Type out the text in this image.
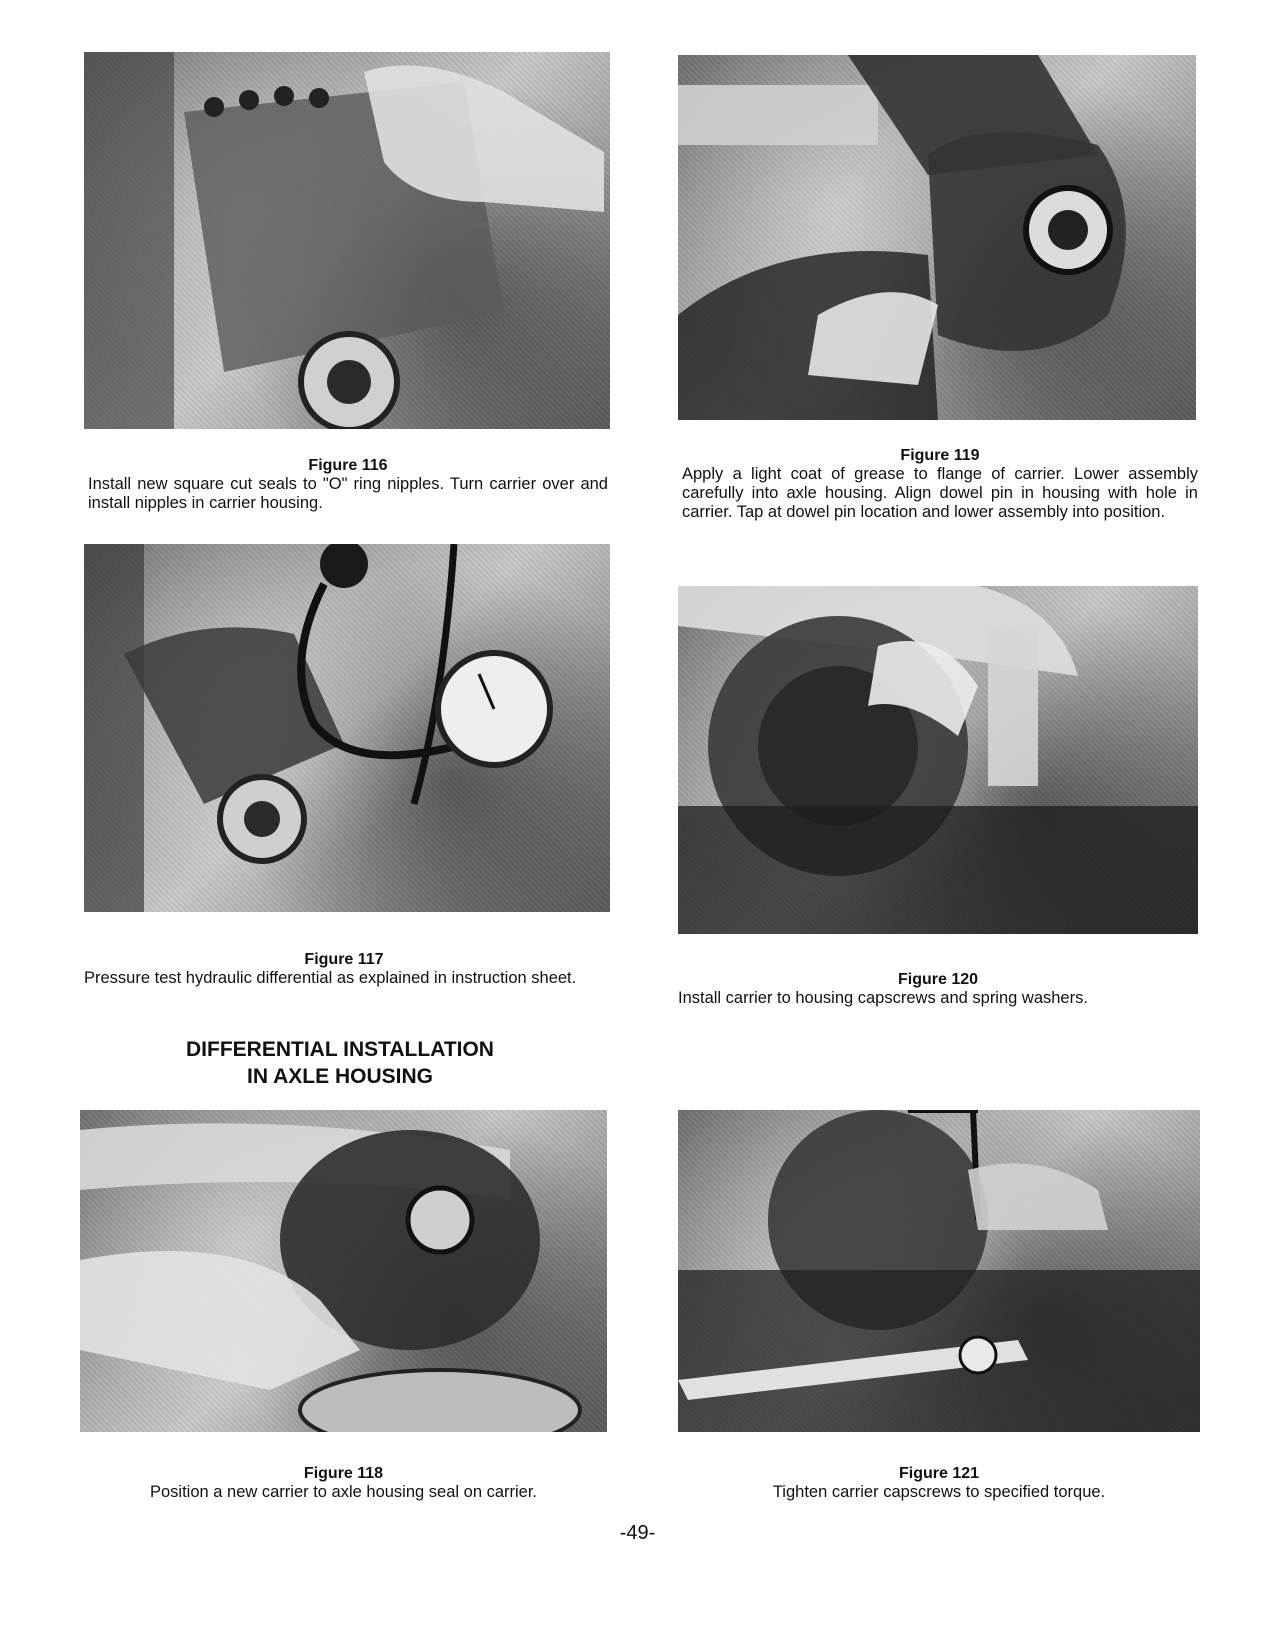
Figure 116
Install new square cut seals to "O" ring nipples. Turn carrier over and install nipples in carrier housing.
Figure 117
Pressure test hydraulic differential as explained in instruction sheet.
DIFFERENTIAL INSTALLATION
IN AXLE HOUSING
Figure 118
Position a new carrier to axle housing seal on carrier.
Figure 119
Apply a light coat of grease to flange of carrier. Lower assembly carefully into axle housing. Align dowel pin in housing with hole in carrier. Tap at dowel pin location and lower assembly into position.
Figure 120
Install carrier to housing capscrews and spring washers.
Figure 121
Tighten carrier capscrews to specified torque.
-49-
